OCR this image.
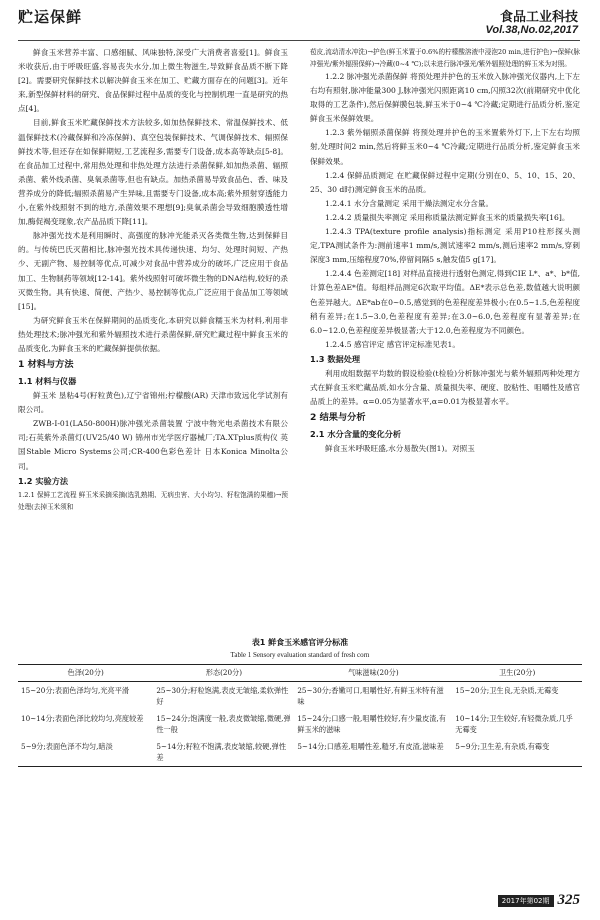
贮运保鲜	食品工业科技
Vol.38,No.02,2017

鲜食玉米营养丰富、口感细腻、风味独特,深受广大消费者喜爱[1]。鲜食玉米收获后,由于呼吸旺盛,容易丧失水分,加上微生物滋生,导致鲜食品质不断下降[2]。需要研究保鲜技术以解决鲜食玉米在加工、贮藏方面存在的问题[3]。近年来,新型保鲜材料的研究、食品保鲜过程中品质的变化与控制机理一直是研究的热点[4]。

目前,鲜食玉米贮藏保鲜技术方法较多,如加热保鲜技术、常温保鲜技术、低温保鲜技术(冷藏保鲜和冷冻保鲜)、真空包装保鲜技术、气调保鲜技术、辐照保鲜技术等,但还存在如保鲜期短,工艺流程多,需要专门设备,成本高等缺点[5-8]。在食品加工过程中,常用热处理和非热处理方法进行杀菌保鲜,如加热杀菌、辐照杀菌、紫外线杀菌、臭氧杀菌等,但也有缺点。加热杀菌易导致食品色、香、味及营养成分的降低;辐照杀菌易产生异味,且需要专门设备,成本高;紫外照射穿透能力小,在紫外线照射不到的地方,杀菌效果不理想[9];臭氧杀菌会导致细胞膜透性增加,酶促褐变现象,农产品品质下降[11]。

脉冲强光技术是利用瞬时、高强度的脉冲光能杀灭各类微生物,达到保鲜目的。与传统巴氏灭菌相比,脉冲强光技术具传递快速、均匀、处理时间短、产热少、无副产物、易控制等优点,可减少对食品中营养成分的破坏,广泛应用于食品加工、生物制药等领域[12-14]。紫外线照射可破坏微生物的DNA结构,较好的杀灭微生物。具有快速、简便、产热少、易控制等优点,广泛应用于食品加工等领域[15]。

为研究鲜食玉米在保鲜期间的品质变化,本研究以鲜食糯玉米为材料,利用非热处理技术;脉冲强光和紫外辐照技术进行杀菌保鲜,研究贮藏过程中鲜食玉米的品质变化,为鲜食玉米的贮藏保鲜提供依据。

1 材料与方法
1.1 材料与仪器

鲜玉米 垦粘4号(籽粒黄色),辽宁省锦州;柠檬酸(AR) 天津市致远化学试剂有限公司。

ZWB-I-01(LA50-800H)脉冲强光杀菌装置 宁波中物光电杀菌技术有限公司;石英紫外杀菌灯(UV25/40 W) 锦州市光学医疗器械厂;TA.XTplus质构仪 英国Stable Micro Systems公司;CR-400色彩色差计 日本Konica Minolta公司。

1.2 实验方法

1.2.1 保鲜工艺流程 鲜玉米采摘采摘(选乳熟期、无病虫害、大小均匀、籽粒饱满的果穗)→预处理(去掉玉米须和

苞皮,流动清水冲洗)→护色(鲜玉米置于0.6%的柠檬酸溶液中浸泡20 min,进行护色)→保鲜(脉冲强光/紫外辐照保鲜)→冷藏(0~4 ℃);以未进行脉冲强光/紫外辐照处理的鲜玉米为对照。

1.2.2 脉冲强光杀菌保鲜 将预处理并护色的玉米放入脉冲强光仪器内,上下左右均有照射,脉冲能量300 J,脉冲强光闪照距离10 cm,闪照32次(前期研究中优化取得的工艺条件),然后保鲜膜包装,鲜玉米于0~4 ℃冷藏;定期进行品质分析,鉴定鲜食玉米保鲜效果。

1.2.3 紫外辐照杀菌保鲜 将预处理并护色的玉米置紫外灯下,上下左右均照射,处理时间2 min,然后将鲜玉米0~4 ℃冷藏;定期进行品质分析,鉴定鲜食玉米保鲜效果。

1.2.4 保鲜品质测定 在贮藏保鲜过程中定期(分别在0、5、10、15、20、25、30 d时)测定鲜食玉米的品质。

1.2.4.1 水分含量测定 采用干燥法测定水分含量。

1.2.4.2 质量损失率测定 采用称质量法测定鲜食玉米的质量损失率[16]。

1.2.4.3 TPA(texture profile analysis)指标测定 采用P10柱形探头测定,TPA测试条件为:测前速率1 mm/s,测试速率2 mm/s,测后速率2 mm/s,穿刺深度3 mm,压缩程度70%,停留间隔5 s,触发值5 g[17]。

1.2.4.4 色差测定[18] 对样品直接进行透射色测定,得到CIE L*、a*、b*值,计算色差ΔE*值。每组样品测定6次取平均值。ΔE*表示总色差,数值越大说明颜色差异越大。ΔE*ab在0~0.5,感觉到的色差程度差异极小;在0.5~1.5,色差程度稍有差异;在1.5~3.0,色差程度有差异;在3.0~6.0,色差程度有显著差异;在6.0~12.0,色差程度差异极显著;大于12.0,色差程度为不同颜色。

1.2.4.5 感官评定 感官评定标准见表1。

1.3 数据处理

利用成组数据平均数的假设检验(t检验)分析脉冲强光与紫外辐照两种处理方式在鲜食玉米贮藏品质,如水分含量、质量损失率、硬度、胶粘性、咀嚼性及感官品质上的差异。α=0.05为显著水平,α=0.01为极显著水平。

2 结果与分析
2.1 水分含量的变化分析

鲜食玉米呼吸旺盛,水分易散失(图1)。对照玉

表1 鲜食玉米感官评分标准
Table 1 Sensory evaluation standard of fresh corn
色泽(20分)	形态(20分)	气味滋味(20分)	卫生(20分)
15~20分;表面色泽均匀,光亮平滑	25~30分;籽粒饱满,表皮无皱缩,柔软弹性好	25~30分;香嫩可口,咀嚼性好,有鲜玉米特有滋味	15~20分;卫生良,无杂质,无霉变
10~14分;表面色泽比较均匀,亮度较差	15~24分;饱满度一般,表皮微皱缩,微硬,弹性一般	15~24分;口感一般,咀嚼性较好,有少量皮渣,有鲜玉米的滋味	10~14分;卫生较好,有轻微杂质,几乎无霉变
5~9分;表面色泽不均匀,暗淡	5~14分;籽粒不饱满,表皮皱缩,较硬,弹性差	5~14分;口感差,咀嚼性差,糙牙,有皮渣,滋味差	5~9分;卫生差,有杂质,有霉变
2017年第02期 325
